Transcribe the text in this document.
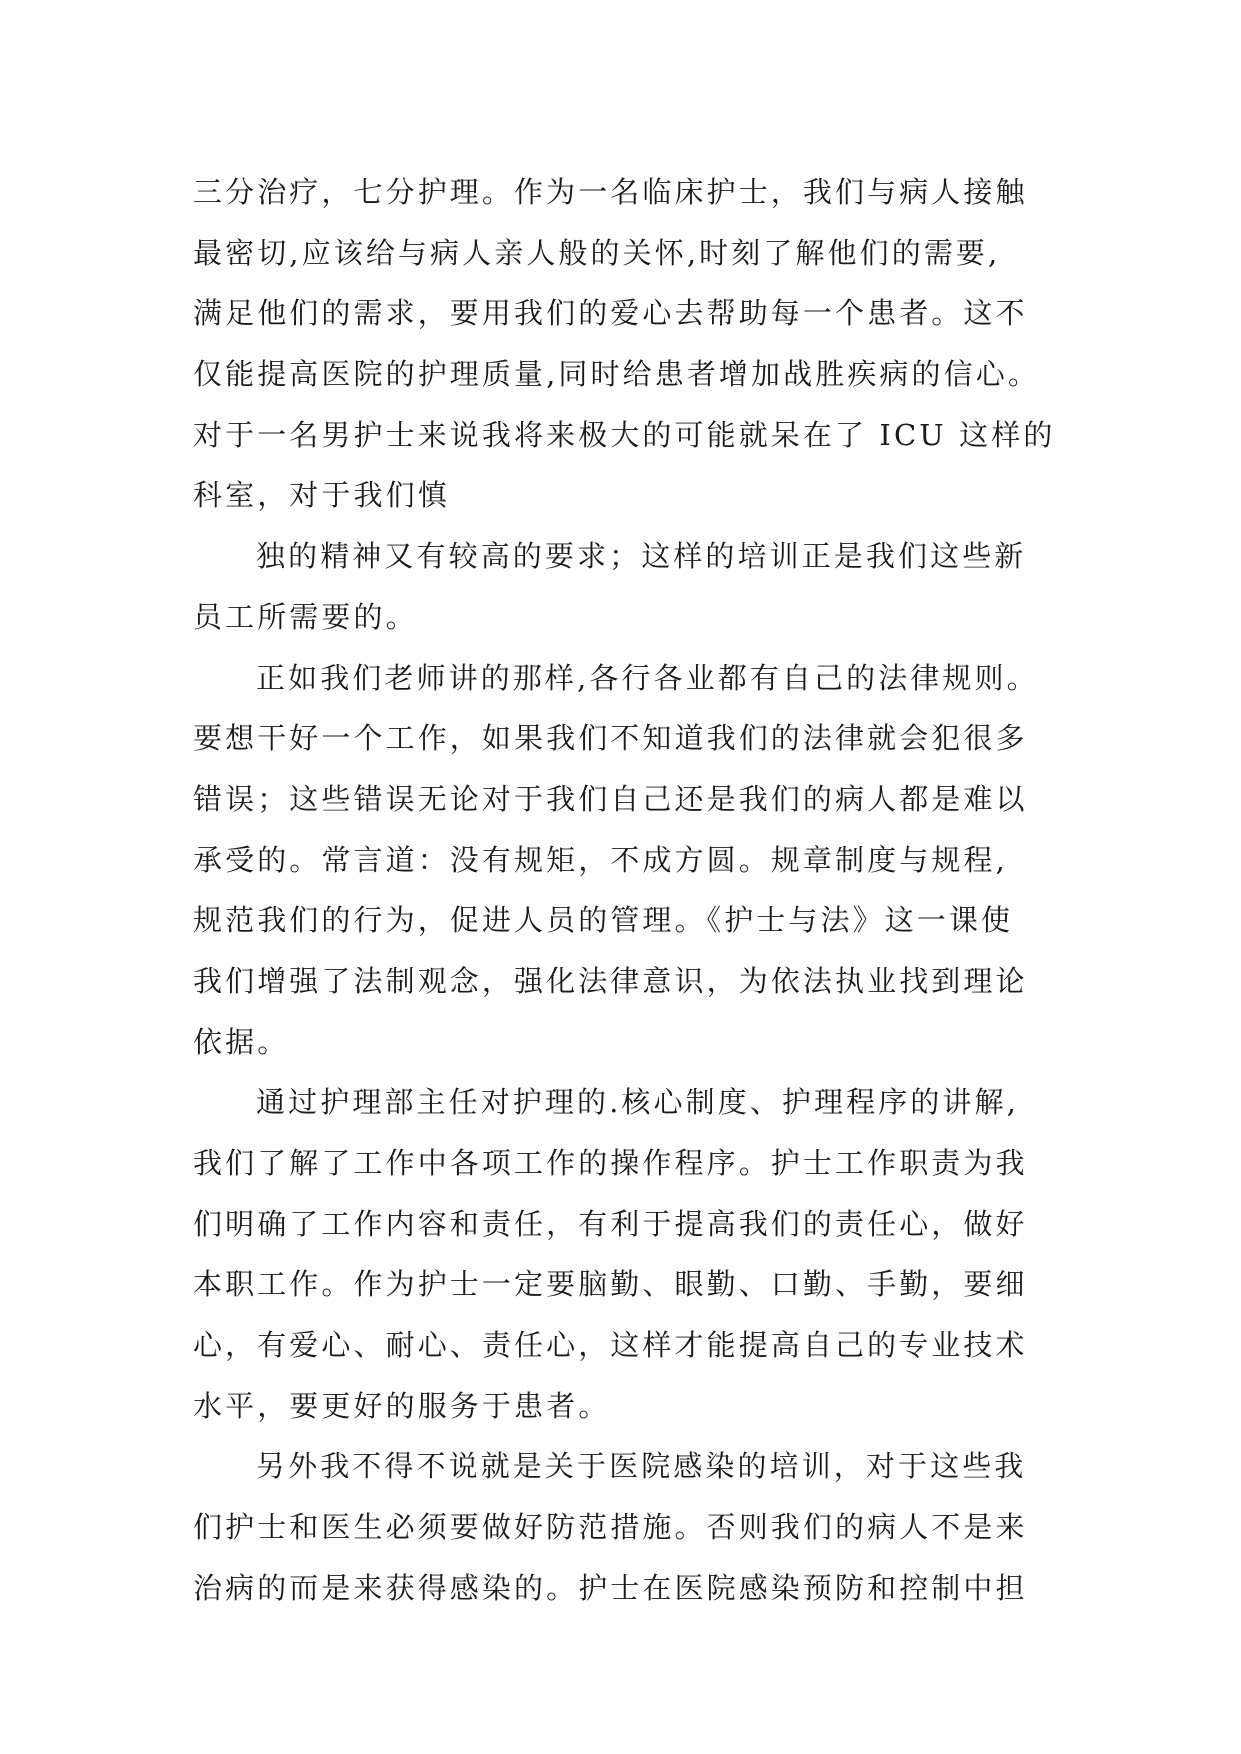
三分治疗，七分护理。作为一名临床护士，我们与病人接触
最密切,应该给与病人亲人般的关怀,时刻了解他们的需要,
满足他们的需求，要用我们的爱心去帮助每一个患者。这不
仅能提高医院的护理质量,同时给患者增加战胜疾病的信心。
对于一名男护士来说我将来极大的可能就呆在了 ICU 这样的
科室，对于我们慎
独的精神又有较高的要求；这样的培训正是我们这些新
员工所需要的。
正如我们老师讲的那样,各行各业都有自己的法律规则。
要想干好一个工作，如果我们不知道我们的法律就会犯很多
错误；这些错误无论对于我们自己还是我们的病人都是难以
承受的。常言道：没有规矩，不成方圆。规章制度与规程,
规范我们的行为，促进人员的管理。《护士与法》这一课使
我们增强了法制观念，强化法律意识，为依法执业找到理论
依据。
通过护理部主任对护理的.核心制度、护理程序的讲解,
我们了解了工作中各项工作的操作程序。护士工作职责为我
们明确了工作内容和责任，有利于提高我们的责任心，做好
本职工作。作为护士一定要脑勤、眼勤、口勤、手勤，要细
心，有爱心、耐心、责任心，这样才能提高自己的专业技术
水平，要更好的服务于患者。
另外我不得不说就是关于医院感染的培训，对于这些我
们护士和医生必须要做好防范措施。否则我们的病人不是来
治病的而是来获得感染的。护士在医院感染预防和控制中担
